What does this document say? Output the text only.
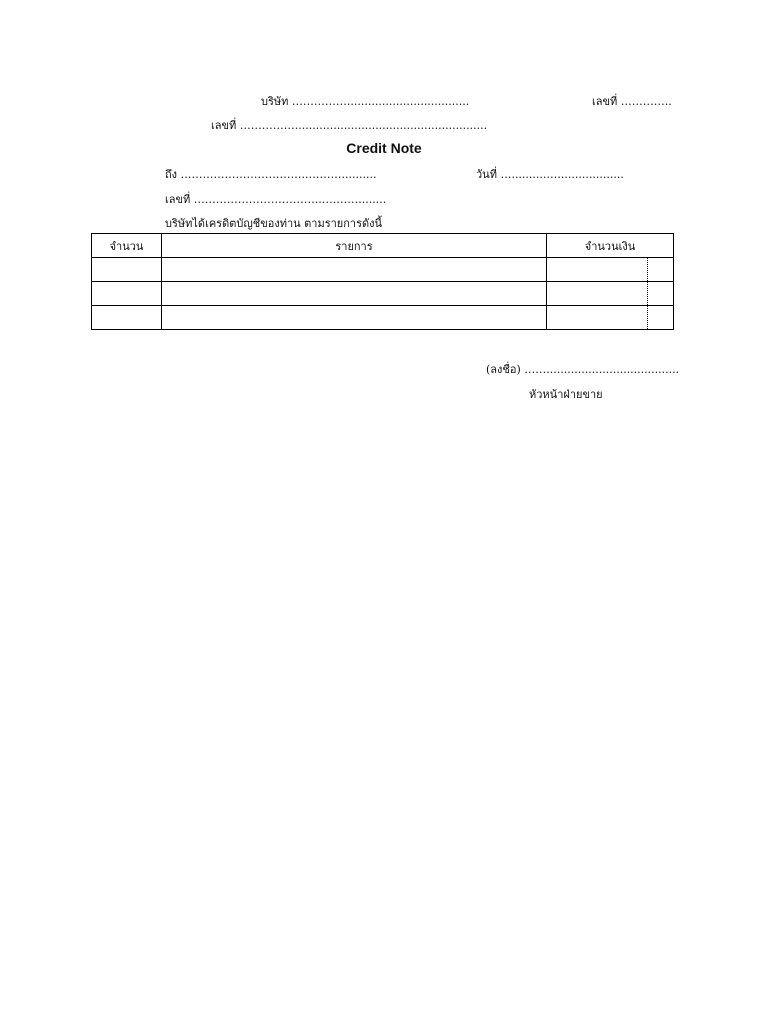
บริษัท ……………...................................	เลขที่ …………..
เลขที่ …………….......................................................
Credit Note
ถึง ……………………………..………..........	วันที่ …..........…...................
เลขที่ ……………………………..….……........
บริษัทได้เครดิตบัญชีของท่าน ตามรายการดังนี้
จำนวน	รายการ	จำนวนเงิน

(ลงชื่อ) ……......................................
หัวหน้าฝ่ายขาย
